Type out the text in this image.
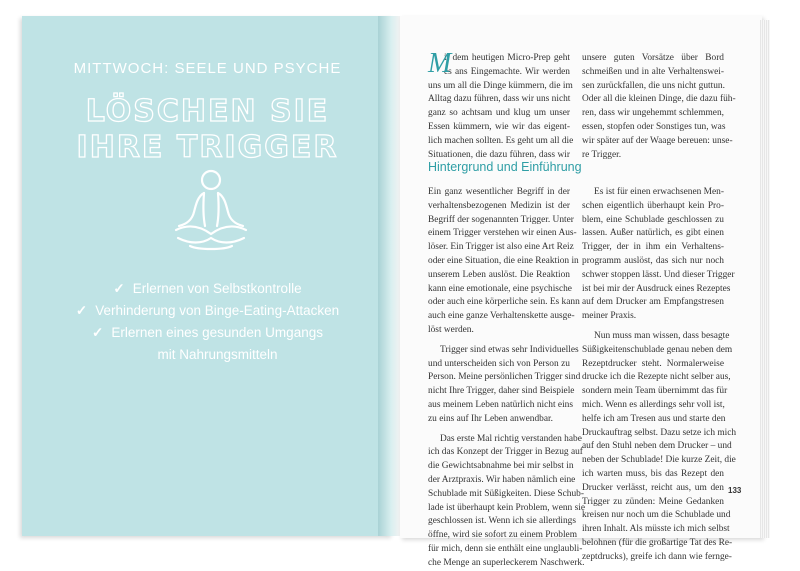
MITTWOCH: SEELE UND PSYCHE
LÖSCHEN SIE
IHRE TRIGGER
✓ Erlernen von Selbstkontrolle
✓ Verhinderung von Binge-Eating-Attacken
✓ Erlernen eines gesunden Umgangs
mit Nahrungsmitteln
M
it dem heutigen Micro-Prep geht
es ans Eingemachte. Wir werden
uns um all die Dinge kümmern, die im
Alltag dazu führen, dass wir uns nicht
ganz so achtsam und klug um unser
Essen kümmern, wie wir das eigent-
lich machen sollten. Es geht um all die
Situationen, die dazu führen, dass wir
unsere guten Vorsätze über Bord
schmeißen und in alte Verhaltenswei-
sen zurückfallen, die uns nicht guttun.
Oder all die kleinen Dinge, die dazu füh-
ren, dass wir ungehemmt schlemmen,
essen, stopfen oder Sonstiges tun, was
wir später auf der Waage bereuen: unse-
re Trigger.
Hintergrund und Einführung
Ein ganz wesentlicher Begriff in der
verhaltensbezogenen Medizin ist der
Begriff der sogenannten Trigger. Unter
einem Trigger verstehen wir einen Aus-
löser. Ein Trigger ist also eine Art Reiz
oder eine Situation, die eine Reaktion in
unserem Leben auslöst. Die Reaktion
kann eine emotionale, eine psychische
oder auch eine körperliche sein. Es kann
auch eine ganze Verhaltenskette ausge-
löst werden.
Trigger sind etwas sehr Individuelles
und unterscheiden sich von Person zu
Person. Meine persönlichen Trigger sind
nicht Ihre Trigger, daher sind Beispiele
aus meinem Leben natürlich nicht eins
zu eins auf Ihr Leben anwendbar.
Das erste Mal richtig verstanden habe
ich das Konzept der Trigger in Bezug auf
die Gewichtsabnahme bei mir selbst in
der Arztpraxis. Wir haben nämlich eine
Schublade mit Süßigkeiten. Diese Schub-
lade ist überhaupt kein Problem, wenn sie
geschlossen ist. Wenn ich sie allerdings
öffne, wird sie sofort zu einem Problem
für mich, denn sie enthält eine unglaubli-
che Menge an superleckerem Naschwerk.
Es ist für einen erwachsenen Men-
schen eigentlich überhaupt kein Pro-
blem, eine Schublade geschlossen zu
lassen. Außer natürlich, es gibt einen
Trigger, der in ihm ein Verhaltens-
programm auslöst, das sich nur noch
schwer stoppen lässt. Und dieser Trigger
ist bei mir der Ausdruck eines Rezeptes
auf dem Drucker am Empfangstresen
meiner Praxis.
Nun muss man wissen, dass besagte
Süßigkeitenschublade genau neben dem
Rezeptdrucker steht. Normalerweise
drucke ich die Rezepte nicht selber aus,
sondern mein Team übernimmt das für
mich. Wenn es allerdings sehr voll ist,
helfe ich am Tresen aus und starte den
Druckauftrag selbst. Dazu setze ich mich
auf den Stuhl neben dem Drucker – und
neben der Schublade! Die kurze Zeit, die
ich warten muss, bis das Rezept den
Drucker verlässt, reicht aus, um den
Trigger zu zünden: Meine Gedanken
kreisen nur noch um die Schublade und
ihren Inhalt. Als müsste ich mich selbst
belohnen (für die großartige Tat des Re-
zeptdrucks), greife ich dann wie fernge-
133
